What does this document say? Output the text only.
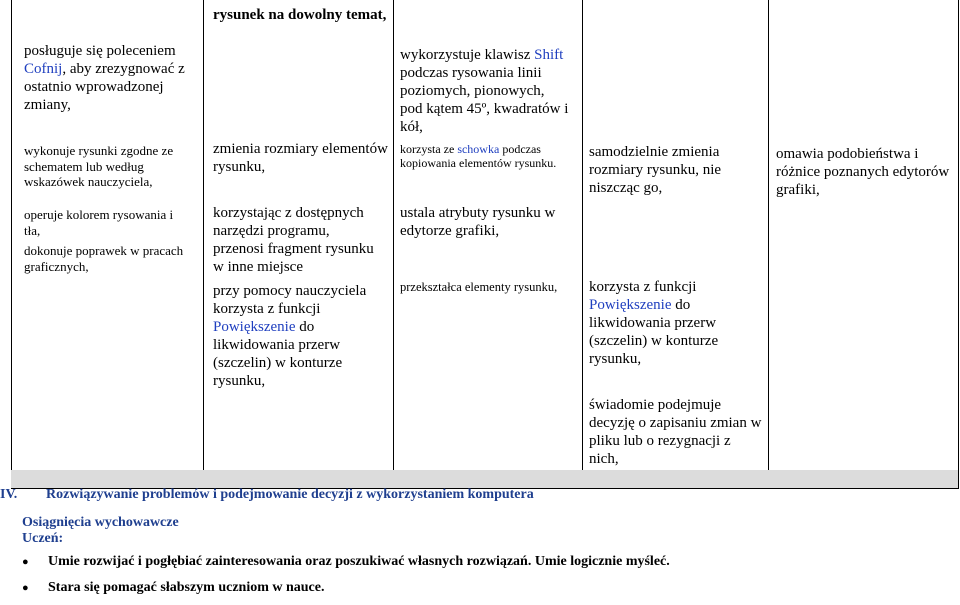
posługuje się poleceniem Cofnij, aby zrezygnować z ostatnio wprowadzonej zmiany,
wykonuje rysunki zgodne ze schematem lub według wskazówek nauczyciela,
operuje kolorem rysowania i tła,
dokonuje poprawek w pracach graficznych,
rysunek na dowolny temat,
zmienia rozmiary elementów rysunku,
korzystając z dostępnych narzędzi programu,
przenosi fragment rysunku w inne miejsce
przy pomocy nauczyciela korzysta z funkcji Powiększenie do likwidowania przerw (szczelin) w konturze rysunku,
wykorzystuje klawisz Shift podczas rysowania linii poziomych, pionowych, pod kątem 45º, kwadratów i kół,
korzysta ze schowka podczas kopiowania elementów rysunku.
ustala atrybuty rysunku w edytorze grafiki,
przekształca elementy rysunku,
samodzielnie zmienia rozmiary rysunku, nie niszcząc go,
korzysta z funkcji Powiększenie do likwidowania przerw (szczelin) w konturze rysunku,
świadomie podejmuje decyzję o zapisaniu zmian w pliku lub o rezygnacji z nich,
omawia podobieństwa i różnice poznanych edytorów grafiki,
IV. Rozwiązywanie problemów i podejmowanie decyzji z wykorzystaniem komputera
Osiągnięcia wychowawcze
Uczeń:
● Umie rozwijać i pogłębiać zainteresowania oraz poszukiwać własnych rozwiązań. Umie logicznie myśleć.
● Stara się pomagać słabszym uczniom w nauce.
